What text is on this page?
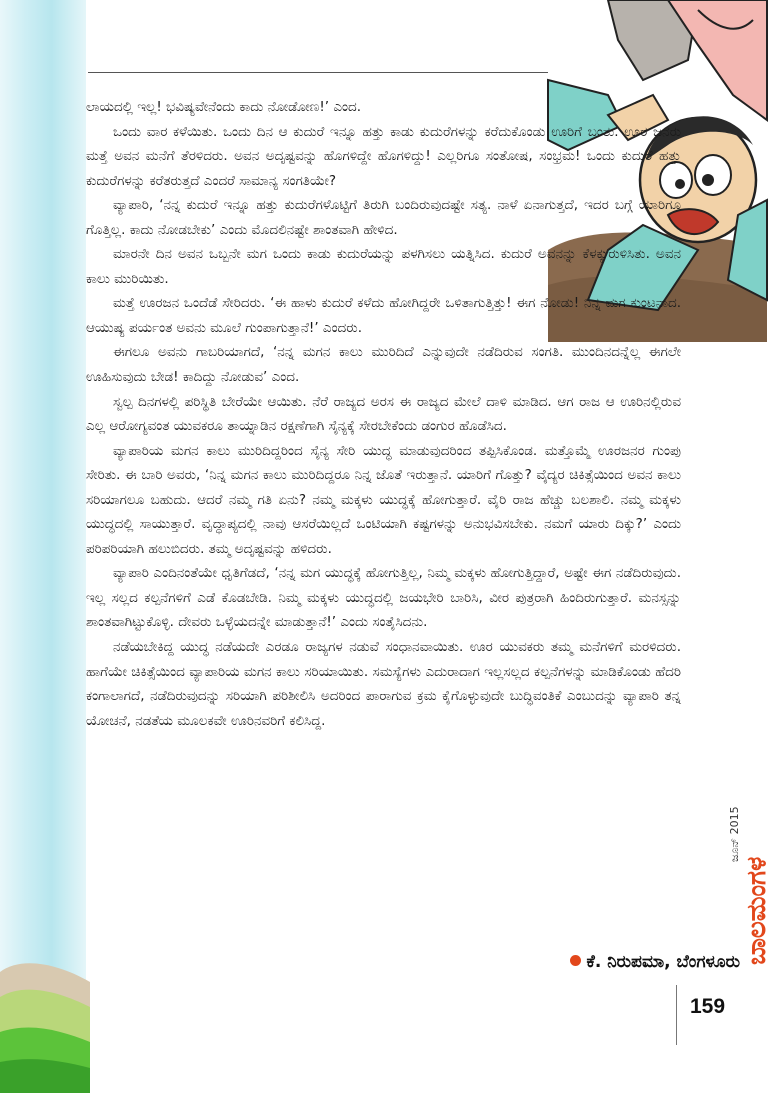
ಲಾಯದಲ್ಲಿ ಇಲ್ಲ! ಭವಿಷ್ಯವೇನೆಂದು ಕಾದು ನೋಡೋಣ!’ ಎಂದ.

ಒಂದು ವಾರ ಕಳೆಯಿತು. ಒಂದು ದಿನ ಆ ಕುದುರೆ ಇನ್ನೂ ಹತ್ತು ಕಾಡು ಕುದುರೆಗಳನ್ನು ಕರೆದುಕೊಂಡು ಊರಿಗೆ ಬಂತು. ಊರ ಜನರು ಮತ್ತೆ ಅವನ ಮನೆಗೆ ತೆರಳಿದರು. ಅವನ ಅದೃಷ್ಟವನ್ನು ಹೊಗಳಿದ್ದೇ ಹೊಗಳಿದ್ದು! ಎಲ್ಲರಿಗೂ ಸಂತೋಷ, ಸಂಭ್ರಮ! ಒಂದು ಕುದುರೆ ಹತ್ತು ಕುದುರೆಗಳನ್ನು ಕರೆತರುತ್ತದೆ ಎಂದರೆ ಸಾಮಾನ್ಯ ಸಂಗತಿಯೇ?

ವ್ಯಾಪಾರಿ, ‘ನನ್ನ ಕುದುರೆ ಇನ್ನೂ ಹತ್ತು ಕುದುರೆಗಳೊಟ್ಟಿಗೆ ತಿರುಗಿ ಬಂದಿರುವುದಷ್ಟೇ ಸತ್ಯ. ನಾಳೆ ಏನಾಗುತ್ತದೆ, ಇದರ ಬಗ್ಗೆ ಯಾರಿಗೂ ಗೊತ್ತಿಲ್ಲ. ಕಾದು ನೋಡಬೇಕು’ ಎಂದು ಮೊದಲಿನಷ್ಟೇ ಶಾಂತವಾಗಿ ಹೇಳಿದ.

ಮಾರನೇ ದಿನ ಅವನ ಒಬ್ಬನೇ ಮಗ ಒಂದು ಕಾಡು ಕುದುರೆಯನ್ನು ಪಳಗಿಸಲು ಯತ್ನಿಸಿದ. ಕುದುರೆ ಅವನನ್ನು ಕೆಳಕ್ಕುರುಳಿಸಿತು. ಅವನ ಕಾಲು ಮುರಿಯಿತು.

ಮತ್ತೆ ಊರಜನ ಒಂದೆಡೆ ಸೇರಿದರು. ‘ಈ ಹಾಳು ಕುದುರೆ ಕಳೆದು ಹೋಗಿದ್ದರೇ ಒಳಿತಾಗುತ್ತಿತ್ತು! ಈಗ ನೋಡು! ನಿನ್ನ ಮಗ ಕುಂಟನಾದ. ಆಯುಷ್ಯ ಪರ್ಯಂತ ಅವನು ಮೂಲೆ ಗುಂಪಾಗುತ್ತಾನೆ!’ ಎಂದರು.

ಈಗಲೂ ಅವನು ಗಾಬರಿಯಾಗದೆ, ‘ನನ್ನ ಮಗನ ಕಾಲು ಮುರಿದಿದೆ ಎನ್ನುವುದೇ ನಡೆದಿರುವ ಸಂಗತಿ. ಮುಂದಿನದನ್ನೆಲ್ಲ ಈಗಲೇ ಊಹಿಸುವುದು ಬೇಡ! ಕಾದಿದ್ದು ನೋಡುವ’ ಎಂದ.

ಸ್ವಲ್ಪ ದಿನಗಳಲ್ಲಿ ಪರಿಸ್ಥಿತಿ ಬೇರೆಯೇ ಆಯಿತು. ನೆರೆ ರಾಜ್ಯದ ಅರಸ ಈ ರಾಜ್ಯದ ಮೇಲೆ ದಾಳಿ ಮಾಡಿದ. ಆಗ ರಾಜ ಆ ಊರಿನಲ್ಲಿರುವ ಎಲ್ಲ ಆರೋಗ್ಯವಂತ ಯುವಕರೂ ತಾಯ್ನಾಡಿನ ರಕ್ಷಣೆಗಾಗಿ ಸೈನ್ಯಕ್ಕೆ ಸೇರಬೇಕೆಂದು ಡಂಗುರ ಹೊಡೆಸಿದ.

ವ್ಯಾಪಾರಿಯ ಮಗನ ಕಾಲು ಮುರಿದಿದ್ದರಿಂದ ಸೈನ್ಯ ಸೇರಿ ಯುದ್ಧ ಮಾಡುವುದರಿಂದ ತಪ್ಪಿಸಿಕೊಂಡ. ಮತ್ತೊಮ್ಮೆ ಊರಜನರ ಗುಂಪು ಸೇರಿತು. ಈ ಬಾರಿ ಅವರು, ‘ನಿನ್ನ ಮಗನ ಕಾಲು ಮುರಿದಿದ್ದರೂ ನಿನ್ನ ಜೊತೆ ಇರುತ್ತಾನೆ. ಯಾರಿಗೆ ಗೊತ್ತು? ವೈದ್ಯರ ಚಿಕಿತ್ಸೆಯಿಂದ ಅವನ ಕಾಲು ಸರಿಯಾಗಲೂ ಬಹುದು. ಆದರೆ ನಮ್ಮ ಗತಿ ಏನು? ನಮ್ಮ ಮಕ್ಕಳು ಯುದ್ಧಕ್ಕೆ ಹೋಗುತ್ತಾರೆ. ವೈರಿ ರಾಜ ಹೆಚ್ಚು ಬಲಶಾಲಿ. ನಮ್ಮ ಮಕ್ಕಳು ಯುದ್ಧದಲ್ಲಿ ಸಾಯುತ್ತಾರೆ. ವೃದ್ಧಾಪ್ಯದಲ್ಲಿ ನಾವು ಆಸರೆಯಿಲ್ಲದೆ ಒಂಟಿಯಾಗಿ ಕಷ್ಟಗಳನ್ನು ಅನುಭವಿಸಬೇಕು. ನಮಗೆ ಯಾರು ದಿಕ್ಕು?’ ಎಂದು ಪರಿಪರಿಯಾಗಿ ಹಲುಬಿದರು. ತಮ್ಮ ಅದೃಷ್ಟವನ್ನು ಹಳಿದರು.

ವ್ಯಾಪಾರಿ ಎಂದಿನಂತೆಯೇ ಧೃತಿಗೆಡದೆ, ‘ನನ್ನ ಮಗ ಯುದ್ಧಕ್ಕೆ ಹೋಗುತ್ತಿಲ್ಲ, ನಿಮ್ಮ ಮಕ್ಕಳು ಹೋಗುತ್ತಿದ್ದಾರೆ, ಅಷ್ಟೇ ಈಗ ನಡೆದಿರುವುದು. ಇಲ್ಲ ಸಲ್ಲದ ಕಲ್ಪನೆಗಳಿಗೆ ಎಡೆ ಕೊಡಬೇಡಿ. ನಿಮ್ಮ ಮಕ್ಕಳು ಯುದ್ಧದಲ್ಲಿ ಜಯಭೇರಿ ಬಾರಿಸಿ, ವೀರ ಪುತ್ರರಾಗಿ ಹಿಂದಿರುಗುತ್ತಾರೆ. ಮನಸ್ಸನ್ನು ಶಾಂತವಾಗಿಟ್ಟುಕೊಳ್ಳಿ. ದೇವರು ಒಳ್ಳೆಯದನ್ನೇ ಮಾಡುತ್ತಾನೆ!’ ಎಂದು ಸಂತೈಸಿದನು.

ನಡೆಯಬೇಕಿದ್ದ ಯುದ್ಧ ನಡೆಯದೇ ಎರಡೂ ರಾಜ್ಯಗಳ ನಡುವೆ ಸಂಧಾನವಾಯಿತು. ಊರ ಯುವಕರು ತಮ್ಮ ಮನೆಗಳಿಗೆ ಮರಳಿದರು. ಹಾಗೆಯೇ ಚಿಕಿತ್ಸೆಯಿಂದ ವ್ಯಾಪಾರಿಯ ಮಗನ ಕಾಲು ಸರಿಯಾಯಿತು. ಸಮಸ್ಯೆಗಳು ಎದುರಾದಾಗ ಇಲ್ಲಸಲ್ಲದ ಕಲ್ಪನೆಗಳನ್ನು ಮಾಡಿಕೊಂಡು ಹೆದರಿ ಕಂಗಾಲಾಗದೆ, ನಡೆದಿರುವುದನ್ನು ಸರಿಯಾಗಿ ಪರಿಶೀಲಿಸಿ ಅದರಿಂದ ಪಾರಾಗುವ ಕ್ರಮ ಕೈಗೊಳ್ಳುವುದೇ ಬುದ್ಧಿವಂತಿಕೆ ಎಂಬುದನ್ನು ವ್ಯಾಪಾರಿ ತನ್ನ ಯೋಚನೆ, ನಡತೆಯ ಮೂಲಕವೇ ಊರಿನವರಿಗೆ ಕಲಿಸಿದ್ದ.

ಕೆ. ನಿರುಪಮಾ, ಬೆಂಗಳೂರು
ಜೂನ್ 2015
ಬಾಲಮಂಗಳ
159
